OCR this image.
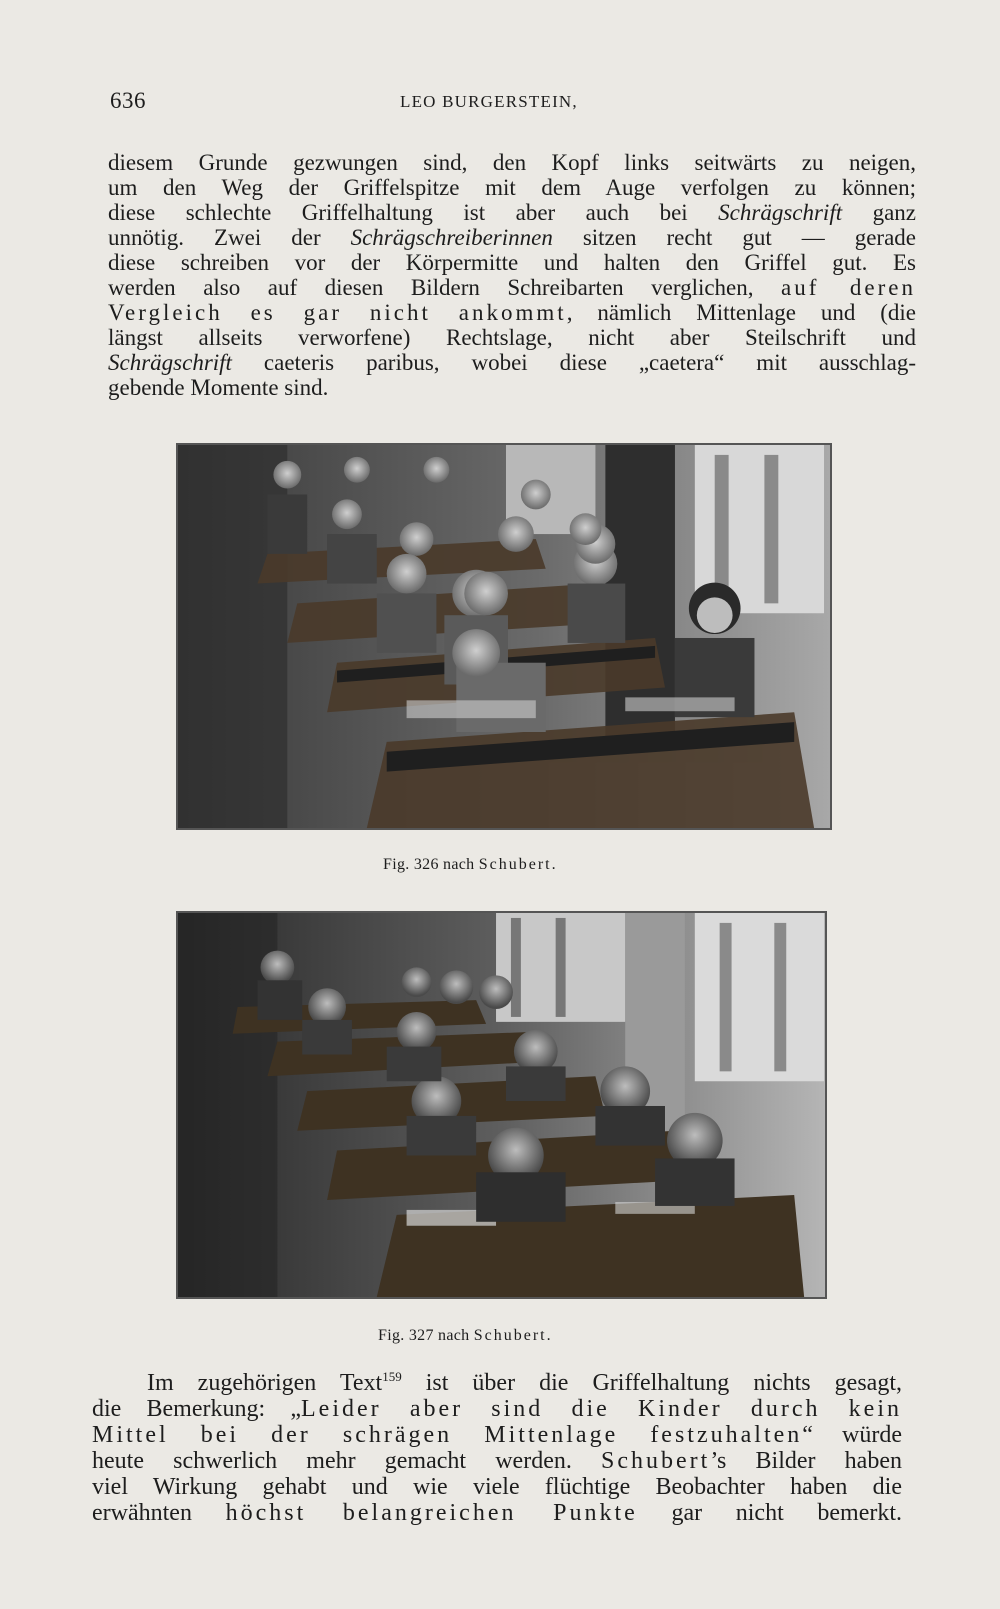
636	LEO BURGERSTEIN,
diesem Grunde gezwungen sind, den Kopf links seitwärts zu neigen,
um den Weg der Griffelspitze mit dem Auge verfolgen zu können;
diese schlechte Griffelhaltung ist aber auch bei Schrägschrift ganz
unnötig. Zwei der Schrägschreiberinnen sitzen recht gut — gerade
diese schreiben vor der Körpermitte und halten den Griffel gut. Es
werden also auf diesen Bildern Schreibarten verglichen, auf deren
Vergleich es gar nicht ankommt, nämlich Mittenlage und (die
längst allseits verworfene) Rechtslage, nicht aber Steilschrift und
Schrägschrift caeteris paribus, wobei diese „caetera“ mit ausschlag-
gebende Momente sind.
Fig. 326 nach Schubert.
Fig. 327 nach Schubert.
Im zugehörigen Text$^{159}$ ist über die Griffelhaltung nichts gesagt,
die Bemerkung: „Leider aber sind die Kinder durch kein
Mittel bei der schrägen Mittenlage festzuhalten“ würde
heute schwerlich mehr gemacht werden. Schubert’s Bilder haben
viel Wirkung gehabt und wie viele flüchtige Beobachter haben die
erwähnten höchst belangreichen Punkte gar nicht bemerkt.
